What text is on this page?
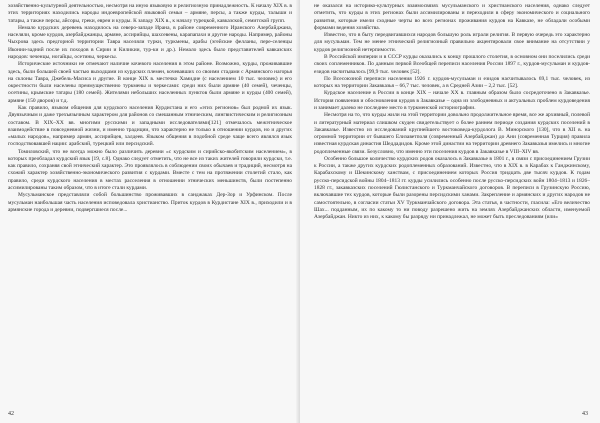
хозяйственно-культурной деятельностью, несмотря на иную языковую и религиозную принадлежность. К началу XIX в. в этих территориях находились народы индоевропейской языковой семьи – армяне, персы, а также курды, талыши и татары, а также персы, айсоры, греки, евреи и курды. К западу XIX в., к началу турецкой, кавказской, семитской групп.

Немало курдских деревень находилось на северо-западе Ирана, в районе современного Иранского Азербайджана, населяли, кроме курдов, азербайджанцы, армяне, ассирийцы, шахсевены, карапапахи и другие народы. Например, районы Чыхрова здесь предгорной территории Тавра населяли турки, туркмены, арабы (эгейские фелланы, пере-селенцы Иконии-задний после их походов в Сирии и Киликии, тур-ки и др.). Немало здесь было представителей кавказских народов: чеченцы, ногайцы, осетины, черкесы.

Исторические источники не отмечают наличие кочевого населения в этом районе. Возможно, курды, проживавшие здесь, были большей своей частью выходцами из курдских племен, кочевавших со своими стадами с Армянского нагорья на склоны Тавра, Джебель-Масиса и другие. В конце XIX в. местечко Хамидие (с населением 10 тыс. человек) и его окрестности были населены преимущественно туркмены и черкесами: среди них были армяне (40 семей), чеченцы, осетины, крымские татары (180 семей). Жителями небольших населенных пунктов были армяне и курды (400 семей), армяне (150 дворов) и т.д.

Как правило, языком общения для курдского населения Курдистана и его «этих регионов» был родной их язык. Двуязычным и даже трехъязычным характером для районов со смешанным этническим, лингвистическим и религиозным составом. В XIX–XX вв. многими русскими и западными исследователями[121] отмечалось межэтническое взаимодействие в повседневной жизни, и именно традиции, что характерно не только в отношении курдов, но и других «малых народов», например армян, ассирийцев, халдеев. Языком общения в подобной среде чаще всего являлся язык господствовавшей нации: арабский, турецкий или персидский.

Томиловский, что не всегда можно было различить деревни «с курдским и сирийско-якобитским населением», в которых преобладал курдский язык [19, с.8]. Однако следует отметить, что не все из таких жителей говорили курдски, т.е. как правило, сохраняя свой этнический характер. Это проявлялось в соблюдении своих обычаев и традиций, несмотря на схожий характер хозяйственно-экономического развития с курдами. Вместе с тем на протяжении столетий стало, как правило, среди курдского населения в местах расселения в отношении этнических меньшинств, были постепенно ассимилированы таким образом, что в итоге стали курдами.

Мусульманское представляли собой большинство проживавших в санджаках Дер-Зор и Урфинском. После мусульман наибольшая часть населения исповедовала христианство. Приток курдов в Курдистане XIX в., приходили и в армянские города и деревни, подвергшиеся после...

42

не оказался на историко-культурных взаимосвязях мусульманского и христианского населения, однако следует отметить, что курды в этих регионах были ассимилированы и переходили в сферу экономического и социального развития, которые имели сходные черты во всех регионах проживания курдов на Кавказе, не обладали особыми формами ведения хозяйства.

Известно, что в быту передвигавшихся народов большую роль играли религия. В первую очередь это характерно для мусульман. Тем не менее этнический религиозный правильно акцентировали свое внимание на отсутствии у курдов религиозной нетерпимости.

В Российской империи и в СССР курды оказались к концу прошлого столетия, в основном они поселились среди своих соплеменников. По данным первой Всеобщей переписи населения России 1897 г., курдов-мусульман и курдов-езидов насчитывалось [99,9 тыс. человек [52].

По Всесоюзной переписи населения 1926 г. курдов-мусульман и езидов насчитывалось 69,1 тыс. человек, из которых на территории Закавказья – 66,7 тыс. человек, а в Средней Азии – 2,2 тыс. [52].

Курдское население в России в конце XIX – начале XX в. главным образом было сосредоточено в Закавказье. История появления и обосновления курдов в Закавказье – одна из злободневных и актуальных проблем курдоведения и занимает далеко не последнее место в туркменской историографии.

Несмотря на то, что курды жили на этой территории довольно продолжительное время, все же архивный, полевой и литературный материал слишком скуден свидетельствует о более раннем периоде создания курдских поселений в Закавказье. Известно из исследований крупнейшего востоковеда-курдолога В. Минорского [130], что в XII в. на огромной территории от бывшего Елизаветполя (современный Азербайджан) до Ани (современная Турция) правила известная курдская династия Шеддадидов. Кроме этой династии на территории древнего Закавказья имелись и многие родоплеменные связи. Безусловно, что именно эти поселения курдов в Закавказье в VIII–XIV вв.

Особенно большое количество курдских родов оказалось в Закавказье в 1801 г., в связи с присоединением Грузии к России, а также других курдских родоплеменных образований. Известно, что в XIX в. в Карабах к Ганджинскому, Карабахскому и Шекинскому ханствам, с присоединением которых Россия тридцать две тысяч курдов. К годам русско-персидской войны 1804–1813 гг. курды усилились особенно после русско-персидских войн 1804–1813 и 1826–1828 гг., закавказских поселений Гюлистанского и Туркманчайского договоров. В переписи в Грузинскую Россию, включавшие тех курдов, которые были разорены персидскими ханами. Закрепление и армянских и других народов не самостоятельно, в согласии статьи XV Туркманчайского договора. Эта статья, в частности, гласила: «Его величество Шах... подданным, их по какому то ни поводу разрешено жить на землях Азербайджанских области, именуемой Азербайджан. Никто из них, к какому бы разряду ни принадлежал, не может быть преследованиям (или»

43
